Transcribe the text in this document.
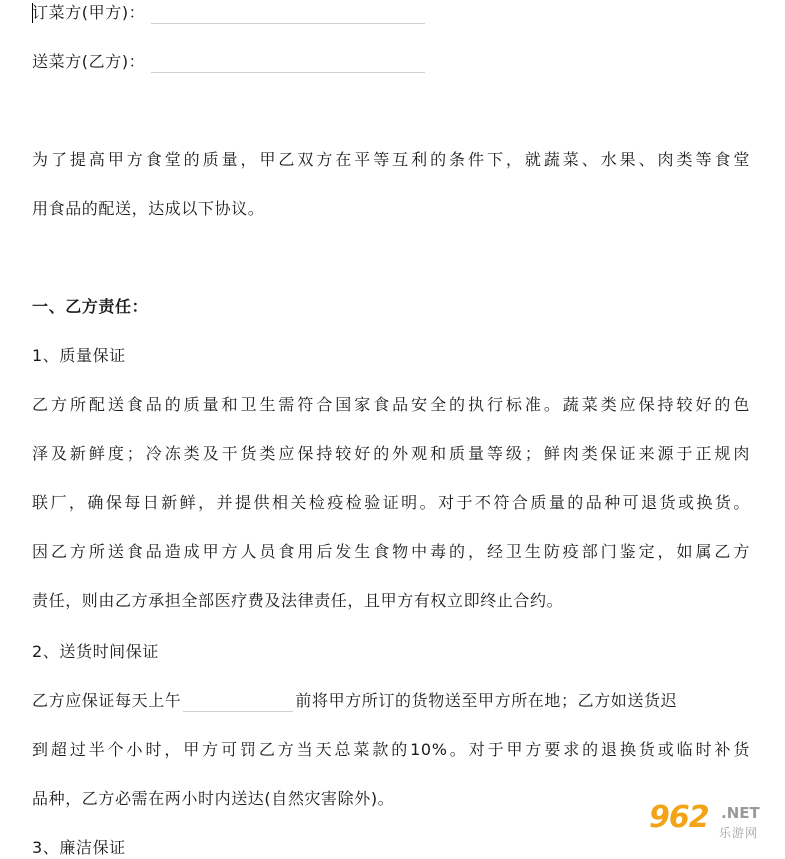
订菜方(甲方)：
送菜方(乙方)：
为了提高甲方食堂的质量，甲乙双方在平等互利的条件下，就蔬菜、水果、肉类等食堂
用食品的配送，达成以下协议。
一、乙方责任：
1、质量保证
乙方所配送食品的质量和卫生需符合国家食品安全的执行标准。蔬菜类应保持较好的色
泽及新鲜度；冷冻类及干货类应保持较好的外观和质量等级；鲜肉类保证来源于正规肉
联厂，确保每日新鲜，并提供相关检疫检验证明。对于不符合质量的品种可退货或换货。
因乙方所送食品造成甲方人员食用后发生食物中毒的，经卫生防疫部门鉴定，如属乙方
责任，则由乙方承担全部医疗费及法律责任，且甲方有权立即终止合约。
2、送货时间保证
乙方应保证每天上午	前将甲方所订的货物送至甲方所在地；乙方如送货迟
到超过半个小时，甲方可罚乙方当天总菜款的10%。对于甲方要求的退换货或临时补货
品种，乙方必需在两小时内送达(自然灾害除外)。
3、廉洁保证
962 .NET
乐游网
